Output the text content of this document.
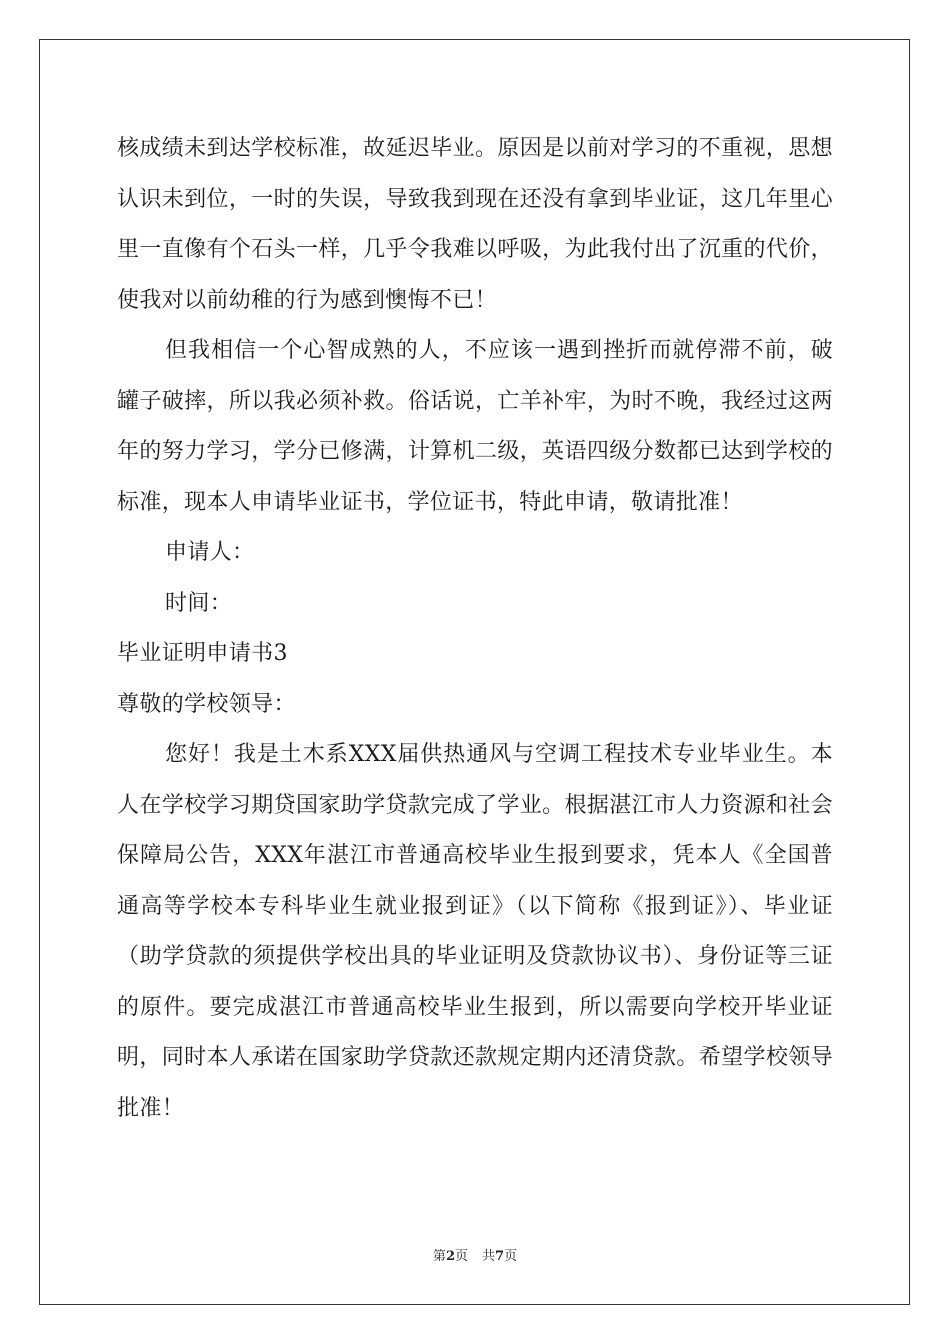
核成绩未到达学校标准，故延迟毕业。原因是以前对学习的不重视，思想认识未到位，一时的失误，导致我到现在还没有拿到毕业证，这几年里心里一直像有个石头一样，几乎令我难以呼吸，为此我付出了沉重的代价，使我对以前幼稚的行为感到懊悔不已！

但我相信一个心智成熟的人，不应该一遇到挫折而就停滞不前，破罐子破摔，所以我必须补救。俗话说，亡羊补牢，为时不晚，我经过这两年的努力学习，学分已修满，计算机二级，英语四级分数都已达到学校的标准，现本人申请毕业证书，学位证书，特此申请，敬请批准！

申请人：

时间：

毕业证明申请书3

尊敬的学校领导：

您好！我是土木系XXX届供热通风与空调工程技术专业毕业生。本人在学校学习期贷国家助学贷款完成了学业。根据湛江市人力资源和社会保障局公告，XXX年湛江市普通高校毕业生报到要求，凭本人《全国普通高等学校本专科毕业生就业报到证》（以下简称《报到证》）、毕业证（助学贷款的须提供学校出具的毕业证明及贷款协议书）、身份证等三证的原件。要完成湛江市普通高校毕业生报到，所以需要向学校开毕业证明，同时本人承诺在国家助学贷款还款规定期内还清贷款。希望学校领导批准！

第2页 共7页
